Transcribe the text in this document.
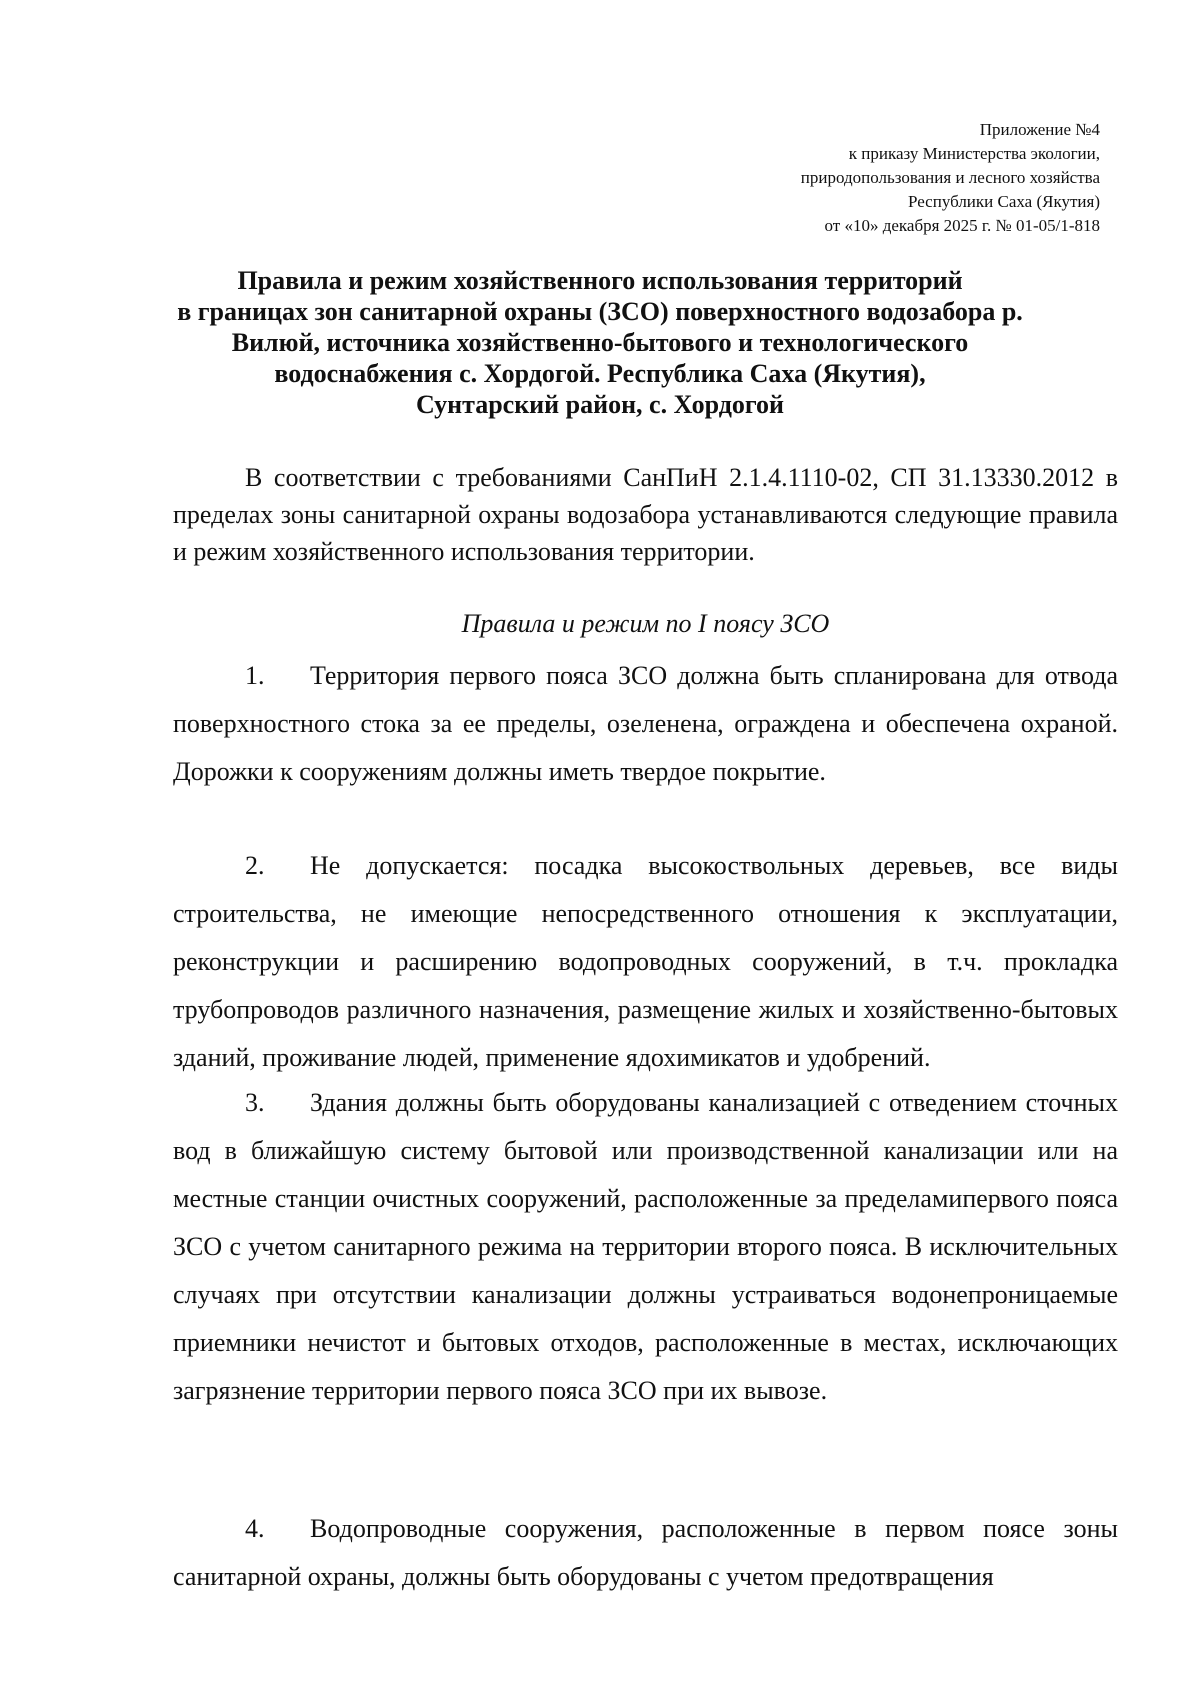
Приложение №4
к приказу Министерства экологии,
природопользования и лесного хозяйства
Республики Саха (Якутия)
от «10» декабря 2025 г. № 01-05/1-818
Правила и режим хозяйственного использования территорий
в границах зон санитарной охраны (ЗСО) поверхностного водозабора р.
Вилюй, источника хозяйственно-бытового и технологического
водоснабжения с. Хордогой. Республика Саха (Якутия),
Сунтарский район, с. Хордогой
В соответствии с требованиями СанПиН 2.1.4.1110-02, СП 31.13330.2012 в пределах зоны санитарной охраны водозабора устанавливаются следующие правила и режим хозяйственного использования территории.
Правила и режим по I поясу ЗСО
1. Территория первого пояса ЗСО должна быть спланирована для отвода поверхностного стока за ее пределы, озеленена, ограждена и обеспечена охраной. Дорожки к сооружениям должны иметь твердое покрытие.
2. Не допускается: посадка высокоствольных деревьев, все виды строительства, не имеющие непосредственного отношения к эксплуатации, реконструкции и расширению водопроводных сооружений, в т.ч. прокладка трубопроводов различного назначения, размещение жилых и хозяйственно-бытовых зданий, проживание людей, применение ядохимикатов и удобрений.
3. Здания должны быть оборудованы канализацией с отведением сточных вод в ближайшую систему бытовой или производственной канализации или на местные станции очистных сооружений, расположенные за пределамипервого пояса ЗСО с учетом санитарного режима на территории второго пояса. В исключительных случаях при отсутствии канализации должны устраиваться водонепроницаемые приемники нечистот и бытовых отходов, расположенные в местах, исключающих загрязнение территории первого пояса ЗСО при их вывозе.
4. Водопроводные сооружения, расположенные в первом поясе зоны санитарной охраны, должны быть оборудованы с учетом предотвращения
